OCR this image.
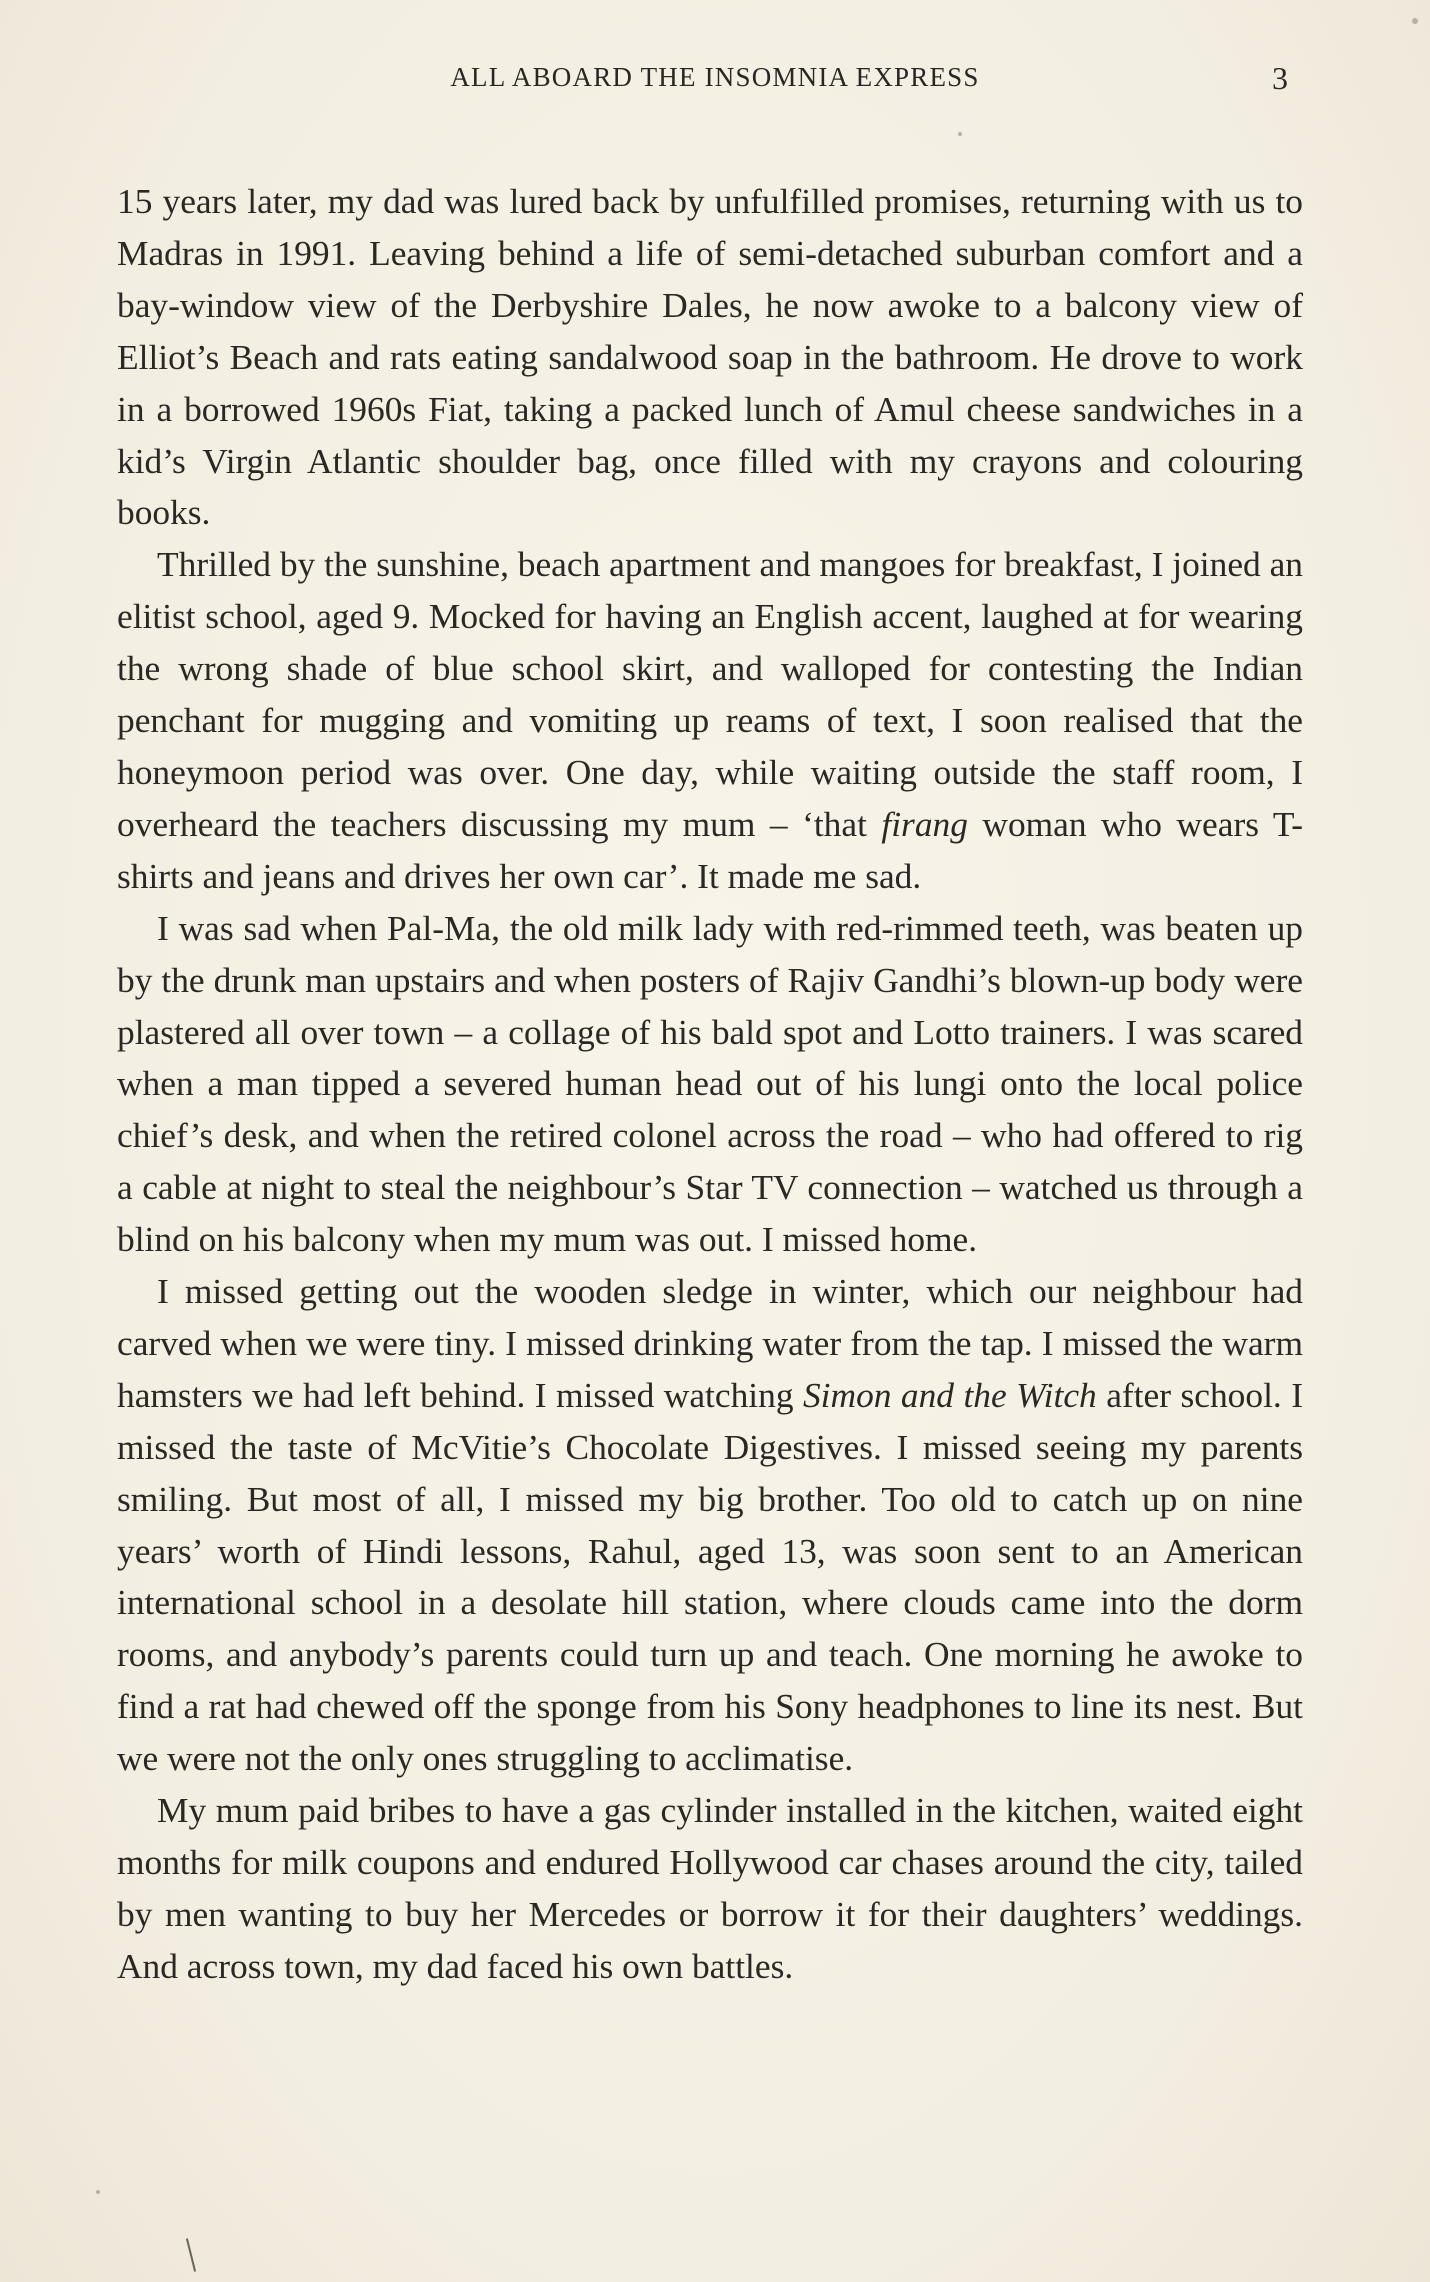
ALL ABOARD THE INSOMNIA EXPRESS	3

15 years later, my dad was lured back by unfulfilled promises, returning with us to Madras in 1991. Leaving behind a life of semi-detached suburban comfort and a bay-window view of the Derbyshire Dales, he now awoke to a balcony view of Elliot’s Beach and rats eating sandalwood soap in the bathroom. He drove to work in a borrowed 1960s Fiat, taking a packed lunch of Amul cheese sandwiches in a kid’s Virgin Atlantic shoulder bag, once filled with my crayons and colouring books.

Thrilled by the sunshine, beach apartment and mangoes for breakfast, I joined an elitist school, aged 9. Mocked for having an English accent, laughed at for wearing the wrong shade of blue school skirt, and walloped for contesting the Indian penchant for mugging and vomiting up reams of text, I soon realised that the honeymoon period was over. One day, while waiting outside the staff room, I overheard the teachers discussing my mum – ‘that firang woman who wears T-shirts and jeans and drives her own car’. It made me sad.

I was sad when Pal-Ma, the old milk lady with red-rimmed teeth, was beaten up by the drunk man upstairs and when posters of Rajiv Gandhi’s blown-up body were plastered all over town – a collage of his bald spot and Lotto trainers. I was scared when a man tipped a severed human head out of his lungi onto the local police chief’s desk, and when the retired colonel across the road – who had offered to rig a cable at night to steal the neighbour’s Star TV connection – watched us through a blind on his balcony when my mum was out. I missed home.

I missed getting out the wooden sledge in winter, which our neighbour had carved when we were tiny. I missed drinking water from the tap. I missed the warm hamsters we had left behind. I missed watching Simon and the Witch after school. I missed the taste of McVitie’s Chocolate Digestives. I missed seeing my parents smiling. But most of all, I missed my big brother. Too old to catch up on nine years’ worth of Hindi lessons, Rahul, aged 13, was soon sent to an American international school in a desolate hill station, where clouds came into the dorm rooms, and anybody’s parents could turn up and teach. One morning he awoke to find a rat had chewed off the sponge from his Sony headphones to line its nest. But we were not the only ones struggling to acclimatise.

My mum paid bribes to have a gas cylinder installed in the kitchen, waited eight months for milk coupons and endured Hollywood car chases around the city, tailed by men wanting to buy her Mercedes or borrow it for their daughters’ weddings. And across town, my dad faced his own battles.
